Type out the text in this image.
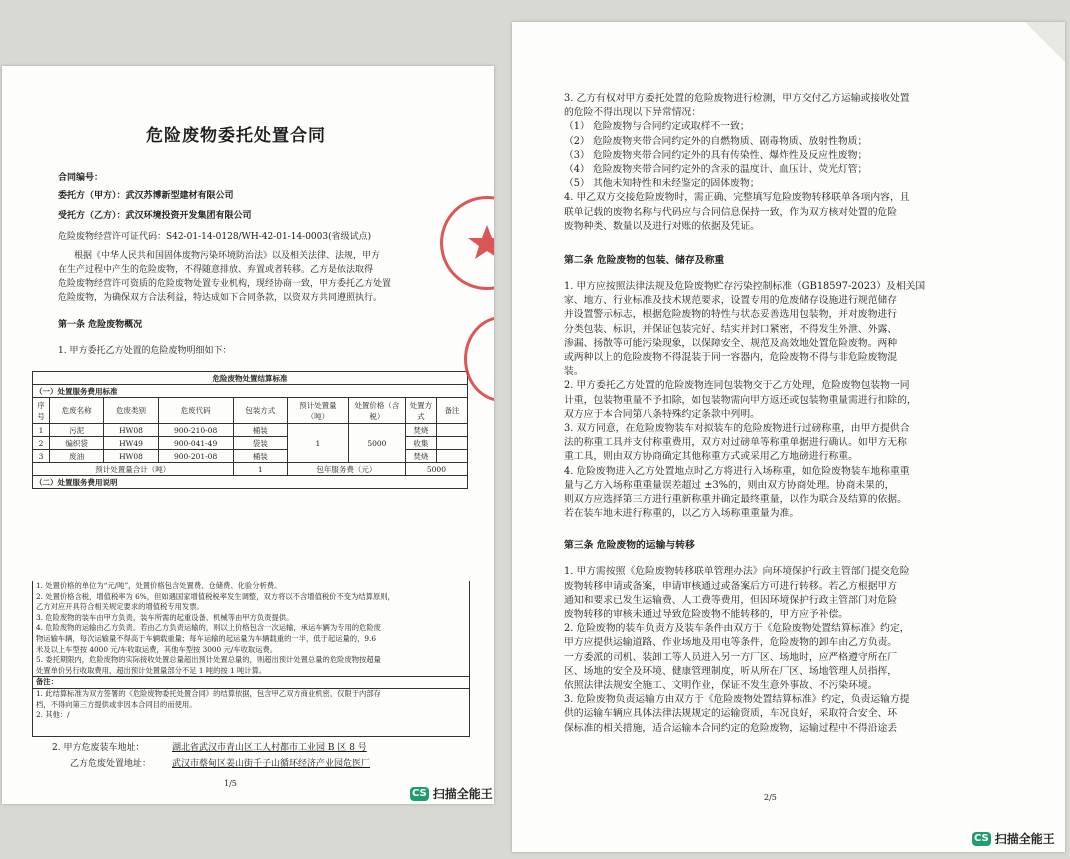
危险废物委托处置合同
合同编号：
委托方（甲方）：武汉苏博新型建材有限公司
受托方（乙方）：武汉环境投资开发集团有限公司
危险废物经营许可证代码：S42-01-14-0128/WH-42-01-14-0003(省级试点)
根据《中华人民共和国固体废物污染环境防治法》以及相关法律、法规，甲方
在生产过程中产生的危险废物，不得随意排放、弃置或者转移。乙方是依法取得
危险废物经营许可资质的危险废物处置专业机构，现经协商一致，甲方委托乙方处置
危险废物，为确保双方合法利益，特达成如下合同条款，以资双方共同遵照执行。
第一条 危险废物概况
1. 甲方委托乙方处置的危险废物明细如下：
危险废物处置结算标准								
（一）处置服务费用标准								
序号	危废名称	危废类别	危废代码	包装方式	预计处置量（吨）	处置价格（含税）	处置方式	备注
1	污泥	HW08	900-210-08	桶装	1	5000	焚烧	
2	编织袋	HW49	900-041-49	袋装			收集	
3	废油	HW08	900-201-08	桶装			焚烧	
预计处置量合计（吨）				1	包年服务费（元）		5000	
（二）处置服务费用说明								
1. 处置价格的单位为“元/吨”，处置价格包含处置费、仓储费、化验分析费。
2. 处置价格含税，增值税率为 6%，但如遇国家增值税税率发生调整，双方将以不含增值税价不变为结算原则，
乙方对应开具符合相关规定要求的增值税专用发票。
3. 危险废物的装车由甲方负责，装车所需的起重设备、机械等由甲方负责提供。
4. 危险废物的运输由乙方负责。若由乙方负责运输的，则以上价格包含一次运输，承运车辆为专用的危险废
物运输车辆，每次运输量不得高于车辆载重量；每车运输的起运量为车辆载重的一半，低于起运量的，9.6
米及以上车型按 4000 元/车收取运费，其他车型按 3000 元/车收取运费。
5. 委托期限内，危险废物的实际接收处置总量超出预计处置总量的，则超出预计处置总量的危险废物按超量
处置单价另行收取费用，超出预计处置量部分不足 1 吨的按 1 吨计算。
备注：
1. 此结算标准为双方签署的《危险废物委托处置合同》的结算依据，包含甲乙双方商业机密，仅限于内部存
档，不得向第三方提供或非因本合同目的而使用。
2. 其他：/
2. 甲方危废装车地址：	湖北省武汉市青山区工人村都市工业园 B 区 8 号
乙方危废处置地址： 武汉市蔡甸区姜山街千子山循环经济产业园危医厂
1/5
3. 乙方有权对甲方委托处置的危险废物进行检测，甲方交付乙方运输或接收处置
的危险不得出现以下异常情况：
（1） 危险废物与合同约定或取样不一致；
（2） 危险废物夹带合同约定外的自燃物质、剧毒物质、放射性物质；
（3） 危险废物夹带合同约定外的具有传染性、爆炸性及反应性废物；
（4） 危险废物夹带合同约定外的含汞的温度计、血压计、荧光灯管；
（5） 其他未知特性和未经鉴定的固体废物；
4. 甲乙双方交接危险废物时，需正确、完整填写危险废物转移联单各项内容，且
联单记载的废物名称与代码应与合同信息保持一致，作为双方核对处置的危险
废物种类、数量以及进行对账的依据及凭证。
第二条 危险废物的包装、储存及称重
1. 甲方应按照法律法规及危险废物贮存污染控制标准（GB18597-2023）及相关国
家、地方、行业标准及技术规范要求，设置专用的危废储存设施进行规范储存
并设置警示标志，根据危险废物的特性与状态妥善选用包装物，并对废物进行
分类包装、标识，并保证包装完好、结实并封口紧密，不得发生外泄、外露、
渗漏、扬散等可能污染现象，以保障安全、规范及高效地处置危险废物。两种
或两种以上的危险废物不得混装于同一容器内，危险废物不得与非危险废物混
装。
2. 甲方委托乙方处置的危险废物连同包装物交于乙方处理，危险废物包装物一同
计重，包装物重量不予扣除，如包装物需向甲方返还或包装物重量需进行扣除的，
双方应于本合同第八条特殊约定条款中列明。
3. 双方同意，在危险废物装车对拟装车的危险废物进行过磅称重，由甲方提供合
法的称重工具并支付称重费用，双方对过磅单等称重单据进行确认。如甲方无称
重工具，则由双方协商确定其他称重方式或采用乙方地磅进行称重。
4. 危险废物进入乙方处置地点时乙方将进行入场称重，如危险废物装车地称重重
量与乙方入场称重重量误差超过 ±3%的，则由双方协商处理。协商未果的，
则双方应选择第三方进行重新称重并确定最终重量，以作为联合及结算的依据。
若在装车地未进行称重的，以乙方入场称重重量为准。
第三条 危险废物的运输与转移
1. 甲方需按照《危险废物转移联单管理办法》向环境保护行政主管部门提交危险
废物转移申请或备案，申请审核通过或备案后方可进行转移。若乙方根据甲方
通知和要求已发生运输费、人工费等费用，但因环境保护行政主管部门对危险
废物转移的审核未通过导致危险废物不能转移的，甲方应予补偿。
2. 危险废物的装车负责方及装车条件由双方于《危险废物处置结算标准》约定，
甲方应提供运输道路、作业场地及用电等条件，危险废物的卸车由乙方负责。
一方委派的司机、装卸工等人员进入另一方厂区、场地时，应严格遵守所在厂
区、场地的安全及环境、健康管理制度，听从所在厂区、场地管理人员指挥，
依照法律法规安全施工、文明作业，保证不发生意外事故、不污染环境。
3. 危险废物负责运输方由双方于《危险废物处置结算标准》约定，负责运输方提
供的运输车辆应具体法律法规规定的运输资质，车况良好，采取符合安全、环
保标准的相关措施，适合运输本合同约定的危险废物，运输过程中不得沿途丢
2/5
CS 扫描全能王
CS 扫描全能王
